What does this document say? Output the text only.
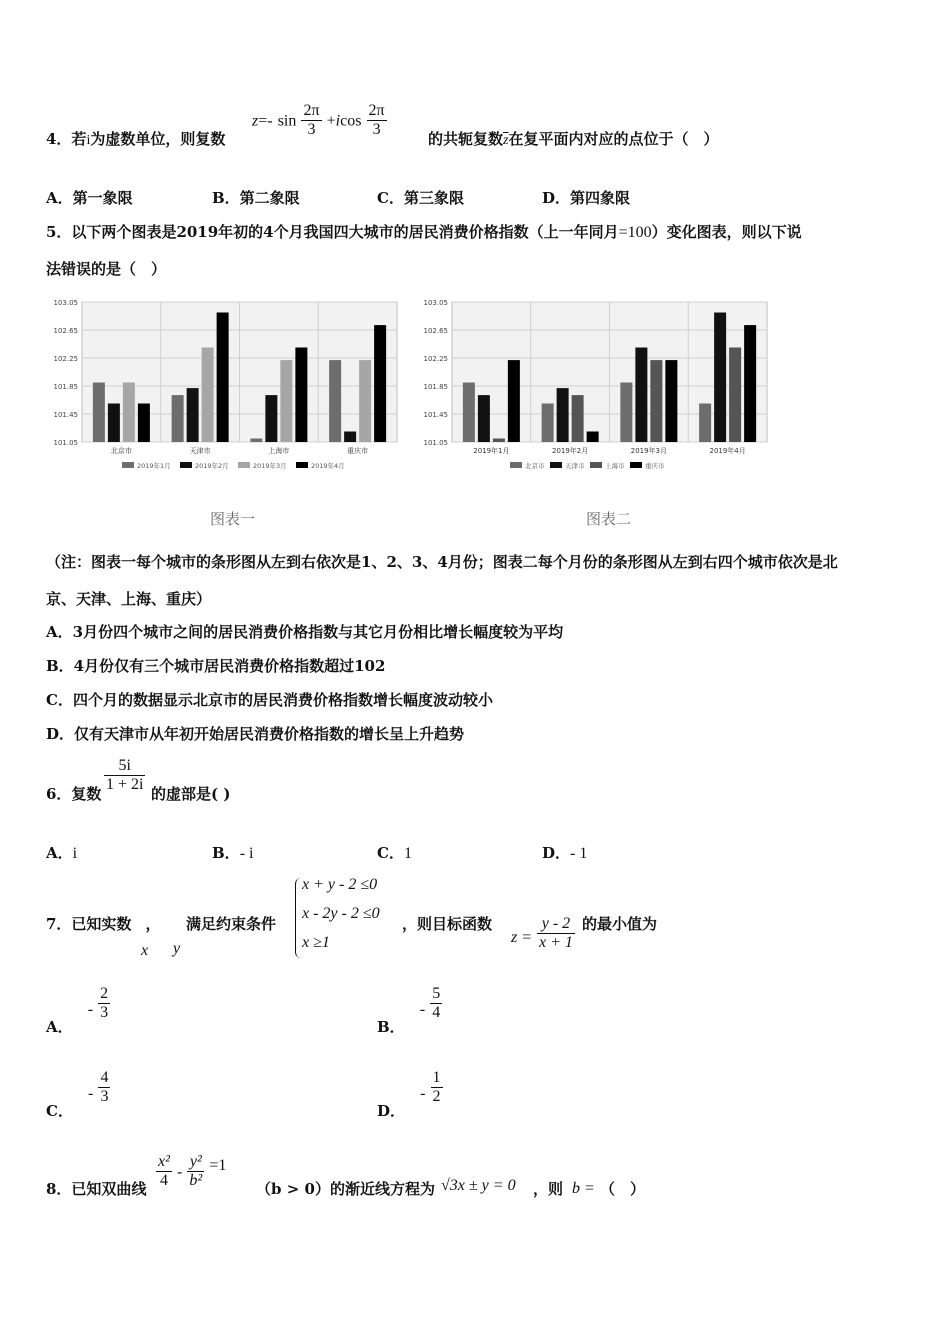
4．若i为虚数单位，则复数
z=- $\sin \frac{2\pi}{3} +icos \frac{2\pi}{3}$	的共轭复数$\overline{z}$在复平面内对应的点位于（　）
A．第一象限	B．第二象限	C．第三象限	D．第四象限
5．以下两个图表是2019年初的4个月我国四大城市的居民消费价格指数（上一年同月=100）变化图表，则以下说
法错误的是（　）
103.05
102.65
102.25
101.85
101.45
101.05
北京市	天津市	上海市	重庆市
2019年1月	2019年2月	2019年3月	2019年4月
图表一
103.05
102.65
102.25
101.85
101.45
101.05
2019年1月	2019年2月	2019年3月	2019年4月
北京市	天津市	上海市	重庆市
图表二
（注：图表一每个城市的条形图从左到右依次是1、2、3、4月份；图表二每个月份的条形图从左到右四个城市依次是北
京、天津、上海、重庆）
A．3月份四个城市之间的居民消费价格指数与其它月份相比增长幅度较为平均
B．4月份仅有三个城市居民消费价格指数超过102
C．四个月的数据显示北京市的居民消费价格指数增长幅度波动较小
D．仅有天津市从年初开始居民消费价格指数的增长呈上升趋势
6．复数 $\frac{5i}{1 + 2i}$ 的虚部是( )
A．i	B．- i	C．1	D．- 1
7．已知实数 ，
x y
满足约束条件
x + y - 2 ≤0
x - 2y - 2 ≤0
x ≥1
，则目标函数
$z = \frac{y - 2}{x + 1}$ 的最小值为
A． - $\frac{2}{3}$
B． - $\frac{5}{4}$
C． - $\frac{4}{3}$
D． - $\frac{1}{2}$
8．已知双曲线 $\frac{\text{x²}}{4} - \frac{\text{y²}}{\text{b²}} =1$
（b > 0）的渐近线方程为 √3x ± y = 0 ，则 b = （　）
